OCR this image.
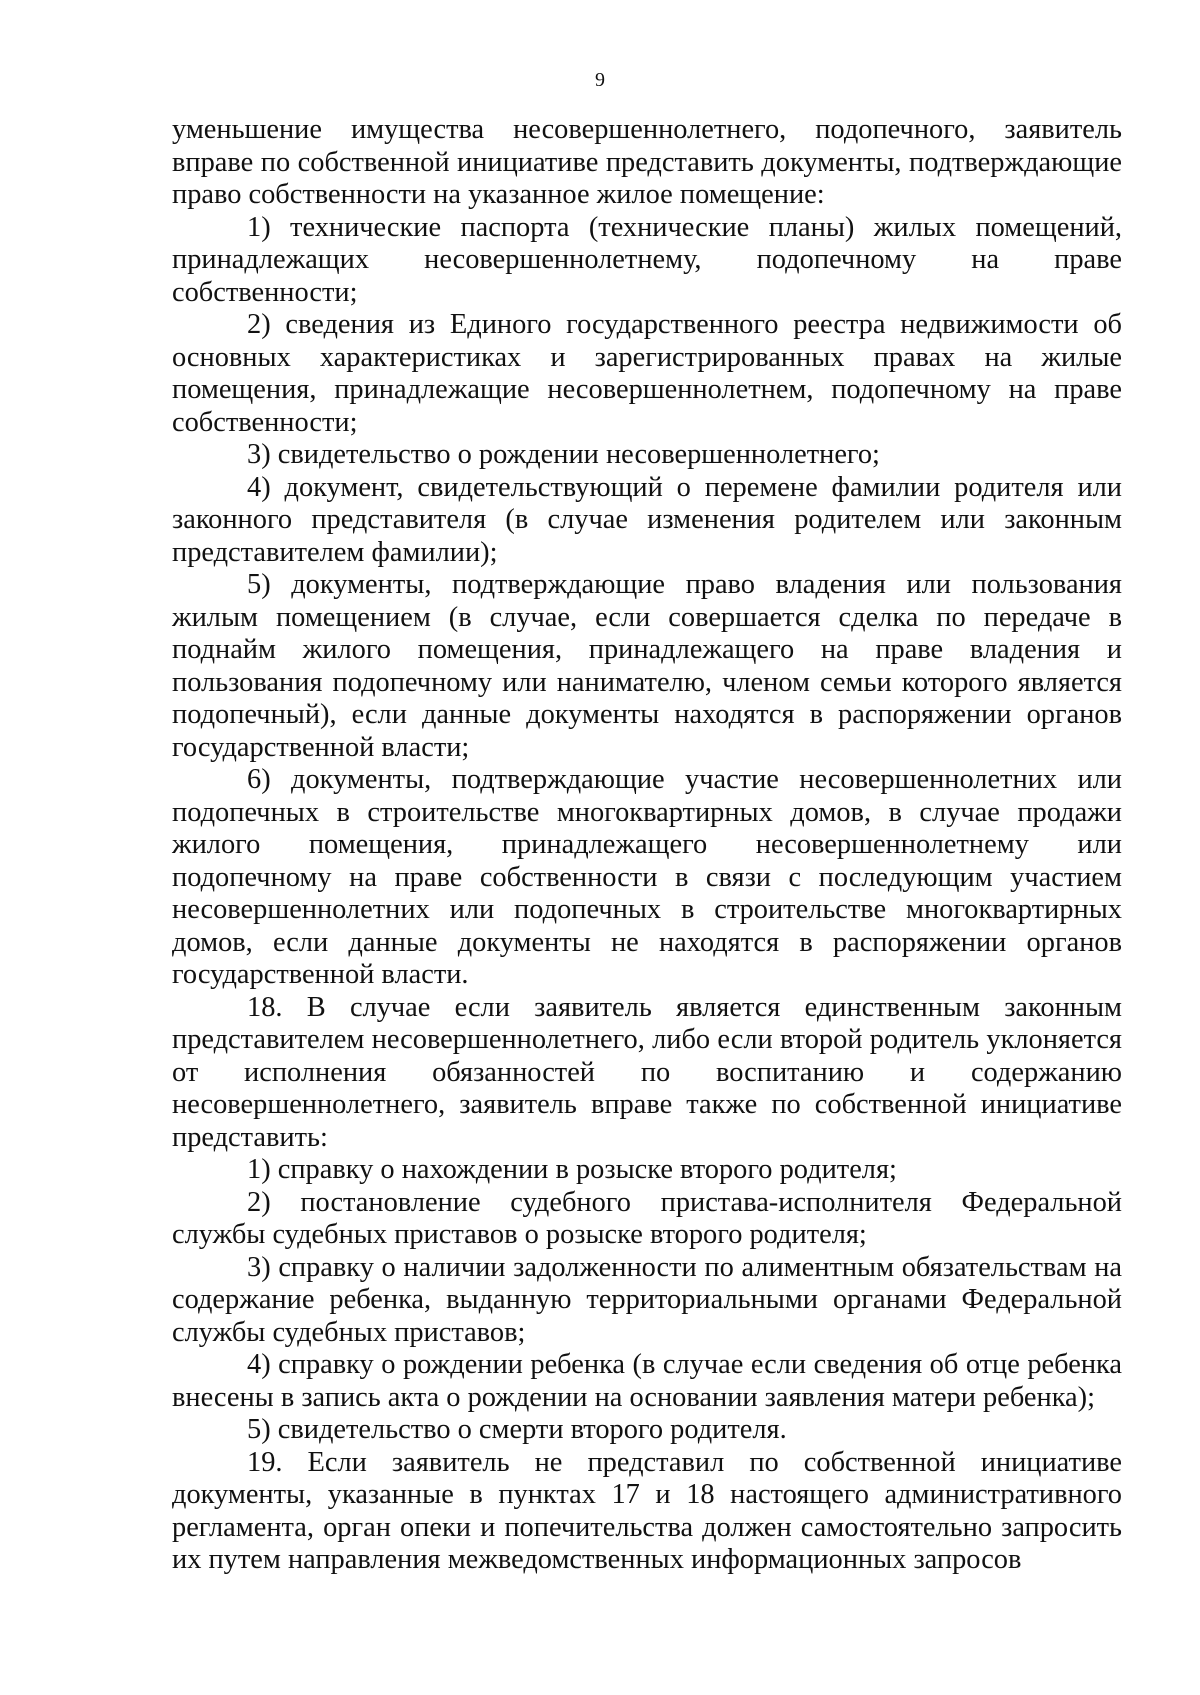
9

уменьшение имущества несовершеннолетнего, подопечного, заявитель вправе по собственной инициативе представить документы, подтверждающие право собственности на указанное жилое помещение:

1) технические паспорта (технические планы) жилых помещений, принадлежащих несовершеннолетнему, подопечному на праве собственности;

2) сведения из Единого государственного реестра недвижимости об основных характеристиках и зарегистрированных правах на жилые помещения, принадлежащие несовершеннолетнем, подопечному на праве собственности;

3) свидетельство о рождении несовершеннолетнего;

4) документ, свидетельствующий о перемене фамилии родителя или законного представителя (в случае изменения родителем или законным представителем фамилии);

5) документы, подтверждающие право владения или пользования жилым помещением (в случае, если совершается сделка по передаче в поднайм жилого помещения, принадлежащего на праве владения и пользования подопечному или нанимателю, членом семьи которого является подопечный), если данные документы находятся в распоряжении органов государственной власти;

6) документы, подтверждающие участие несовершеннолетних или подопечных в строительстве многоквартирных домов, в случае продажи жилого помещения, принадлежащего несовершеннолетнему или подопечному на праве собственности в связи с последующим участием несовершеннолетних или подопечных в строительстве многоквартирных домов, если данные документы не находятся в распоряжении органов государственной власти.

18. В случае если заявитель является единственным законным представителем несовершеннолетнего, либо если второй родитель уклоняется от исполнения обязанностей по воспитанию и содержанию несовершеннолетнего, заявитель вправе также по собственной инициативе представить:

1) справку о нахождении в розыске второго родителя;

2) постановление судебного пристава-исполнителя Федеральной службы судебных приставов о розыске второго родителя;

3) справку о наличии задолженности по алиментным обязательствам на содержание ребенка, выданную территориальными органами Федеральной службы судебных приставов;

4) справку о рождении ребенка (в случае если сведения об отце ребенка внесены в запись акта о рождении на основании заявления матери ребенка);

5) свидетельство о смерти второго родителя.

19. Если заявитель не представил по собственной инициативе документы, указанные в пунктах 17 и 18 настоящего административного регламента, орган опеки и попечительства должен самостоятельно запросить их путем направления межведомственных информационных запросов
